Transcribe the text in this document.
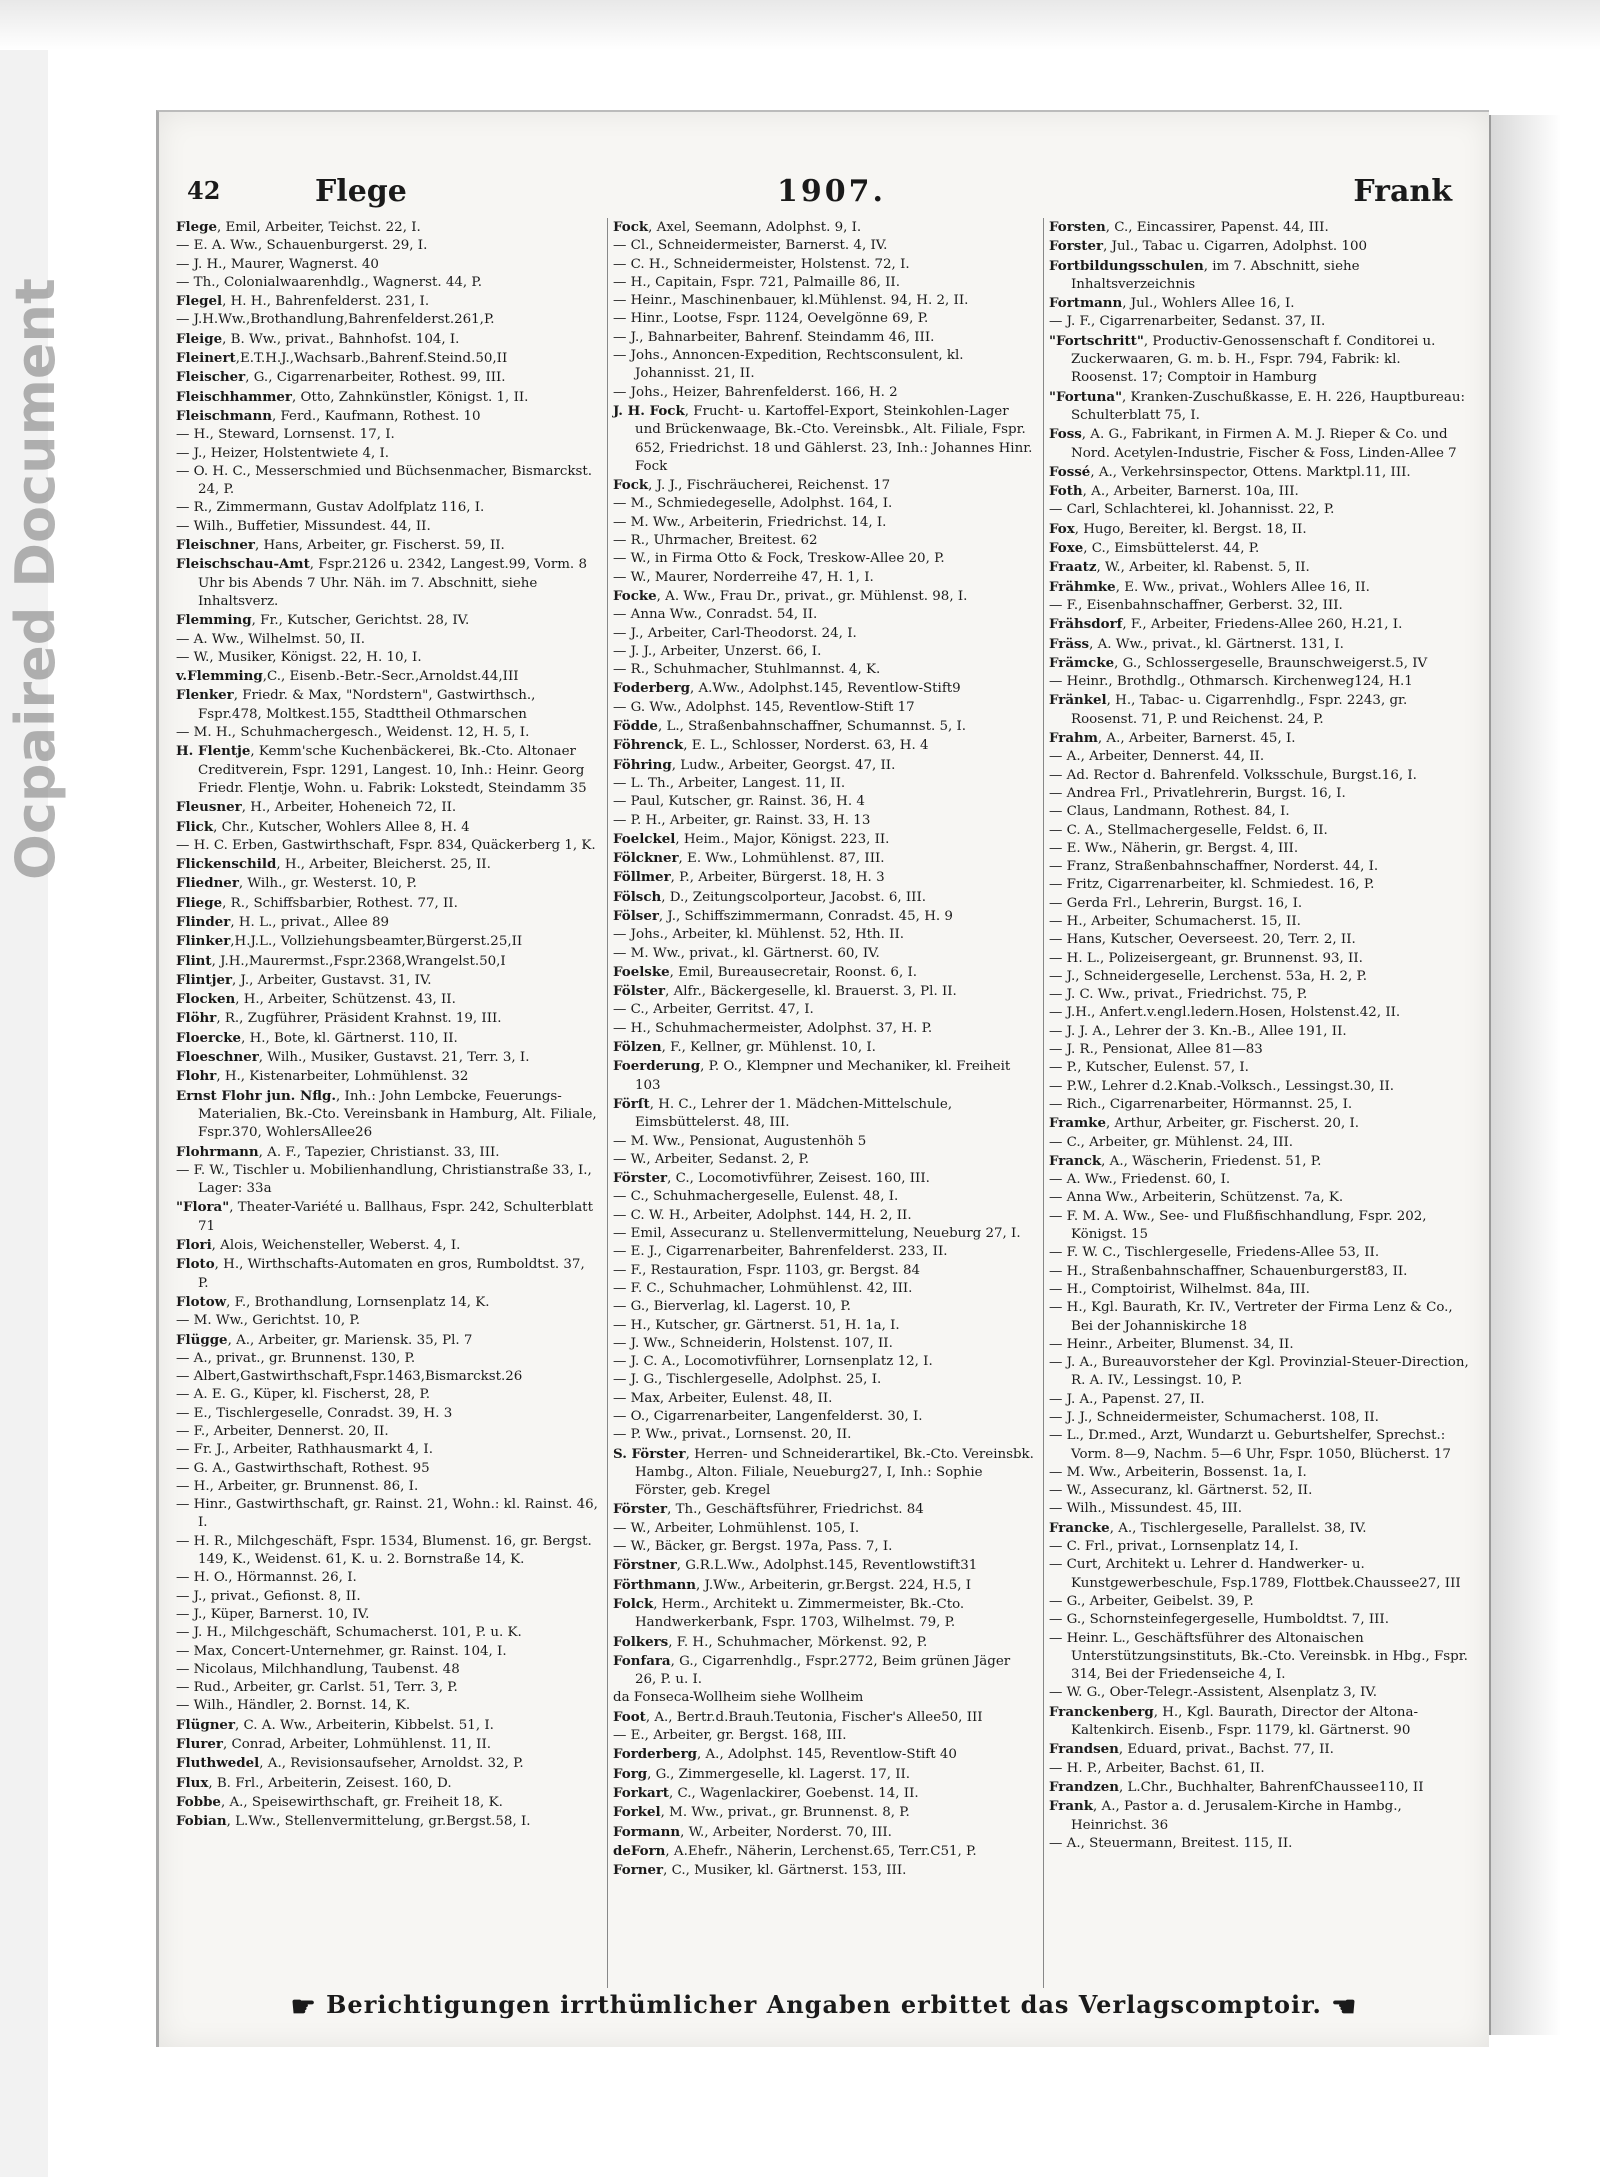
Ocpaired Document
42	Flege	1907.	Frank

Flege, Emil, Arbeiter, Teichst. 22, I.

— E. A. Ww., Schauenburgerst. 29, I.

— J. H., Maurer, Wagnerst. 40

— Th., Colonialwaarenhdlg., Wagnerst. 44, P.

Flegel, H. H., Bahrenfelderst. 231, I.

— J.H.Ww.,Brothandlung,Bahrenfelderst.261,P.

Fleige, B. Ww., privat., Bahnhofst. 104, I.

Fleinert,E.T.H.J.,Wachsarb.,Bahrenf.Steind.50,II

Fleischer, G., Cigarrenarbeiter, Rothest. 99, III.

Fleischhammer, Otto, Zahnkünstler, Königst. 1, II.

Fleischmann, Ferd., Kaufmann, Rothest. 10

— H., Steward, Lornsenst. 17, I.

— J., Heizer, Holstentwiete 4, I.

— O. H. C., Messerschmied und Büchsenmacher, Bismarckst. 24, P.

— R., Zimmermann, Gustav Adolfplatz 116, I.

— Wilh., Buffetier, Missundest. 44, II.

Fleischner, Hans, Arbeiter, gr. Fischerst. 59, II.

Fleischschau-Amt, Fspr.2126 u. 2342, Langest.99, Vorm. 8 Uhr bis Abends 7 Uhr. Näh. im 7. Abschnitt, siehe Inhaltsverz.

Flemming, Fr., Kutscher, Gerichtst. 28, IV.

— A. Ww., Wilhelmst. 50, II.

— W., Musiker, Königst. 22, H. 10, I.

v.Flemming,C., Eisenb.-Betr.-Secr.,Arnoldst.44,III

Flenker, Friedr. & Max, "Nordstern", Gastwirthsch., Fspr.478, Moltkest.155, Stadttheil Othmarschen

— M. H., Schuhmachergesch., Weidenst. 12, H. 5, I.

H. Flentje, Kemm'sche Kuchenbäckerei, Bk.-Cto. Altonaer Creditverein, Fspr. 1291, Langest. 10, Inh.: Heinr. Georg Friedr. Flentje, Wohn. u. Fabrik: Lokstedt, Steindamm 35

Fleusner, H., Arbeiter, Hoheneich 72, II.

Flick, Chr., Kutscher, Wohlers Allee 8, H. 4

— H. C. Erben, Gastwirthschaft, Fspr. 834, Quäckerberg 1, K.

Flickenschild, H., Arbeiter, Bleicherst. 25, II.

Fliedner, Wilh., gr. Westerst. 10, P.

Fliege, R., Schiffsbarbier, Rothest. 77, II.

Flinder, H. L., privat., Allee 89

Flinker,H.J.L., Vollziehungsbeamter,Bürgerst.25,II

Flint, J.H.,Maurermst.,Fspr.2368,Wrangelst.50,I

Flintjer, J., Arbeiter, Gustavst. 31, IV.

Flocken, H., Arbeiter, Schützenst. 43, II.

Flöhr, R., Zugführer, Präsident Krahnst. 19, III.

Floercke, H., Bote, kl. Gärtnerst. 110, II.

Floeschner, Wilh., Musiker, Gustavst. 21, Terr. 3, I.

Flohr, H., Kistenarbeiter, Lohmühlenst. 32

Ernst Flohr jun. Nflg., Inh.: John Lembcke, Feuerungs-Materialien, Bk.-Cto. Vereinsbank in Hamburg, Alt. Filiale, Fspr.370, WohlersAllee26

Flohrmann, A. F., Tapezier, Christianst. 33, III.

— F. W., Tischler u. Mobilienhandlung, Christianstraße 33, I., Lager: 33a

"Flora", Theater-Variété u. Ballhaus, Fspr. 242, Schulterblatt 71

Flori, Alois, Weichensteller, Weberst. 4, I.

Floto, H., Wirthschafts-Automaten en gros, Rumboldtst. 37, P.

Flotow, F., Brothandlung, Lornsenplatz 14, K.

— M. Ww., Gerichtst. 10, P.

Flügge, A., Arbeiter, gr. Mariensk. 35, Pl. 7

— A., privat., gr. Brunnenst. 130, P.

— Albert,Gastwirthschaft,Fspr.1463,Bismarckst.26

— A. E. G., Küper, kl. Fischerst, 28, P.

— E., Tischlergeselle, Conradst. 39, H. 3

— F., Arbeiter, Dennerst. 20, II.

— Fr. J., Arbeiter, Rathhausmarkt 4, I.

— G. A., Gastwirthschaft, Rothest. 95

— H., Arbeiter, gr. Brunnenst. 86, I.

— Hinr., Gastwirthschaft, gr. Rainst. 21, Wohn.: kl. Rainst. 46, I.

— H. R., Milchgeschäft, Fspr. 1534, Blumenst. 16, gr. Bergst. 149, K., Weidenst. 61, K. u. 2. Bornstraße 14, K.

— H. O., Hörmannst. 26, I.

— J., privat., Gefionst. 8, II.

— J., Küper, Barnerst. 10, IV.

— J. H., Milchgeschäft, Schumacherst. 101, P. u. K.

— Max, Concert-Unternehmer, gr. Rainst. 104, I.

— Nicolaus, Milchhandlung, Taubenst. 48

— Rud., Arbeiter, gr. Carlst. 51, Terr. 3, P.

— Wilh., Händler, 2. Bornst. 14, K.

Flügner, C. A. Ww., Arbeiterin, Kibbelst. 51, I.

Flurer, Conrad, Arbeiter, Lohmühlenst. 11, II.

Fluthwedel, A., Revisionsaufseher, Arnoldst. 32, P.

Flux, B. Frl., Arbeiterin, Zeisest. 160, D.

Fobbe, A., Speisewirthschaft, gr. Freiheit 18, K.

Fobian, L.Ww., Stellenvermittelung, gr.Bergst.58, I.

Fock, Axel, Seemann, Adolphst. 9, I.

— Cl., Schneidermeister, Barnerst. 4, IV.

— C. H., Schneidermeister, Holstenst. 72, I.

— H., Capitain, Fspr. 721, Palmaille 86, II.

— Heinr., Maschinenbauer, kl.Mühlenst. 94, H. 2, II.

— Hinr., Lootse, Fspr. 1124, Oevelgönne 69, P.

— J., Bahnarbeiter, Bahrenf. Steindamm 46, III.

— Johs., Annoncen-Expedition, Rechtsconsulent, kl. Johannisst. 21, II.

— Johs., Heizer, Bahrenfelderst. 166, H. 2

J. H. Fock, Frucht- u. Kartoffel-Export, Steinkohlen-Lager und Brückenwaage, Bk.-Cto. Vereinsbk., Alt. Filiale, Fspr. 652, Friedrichst. 18 und Gählerst. 23, Inh.: Johannes Hinr. Fock

Fock, J. J., Fischräucherei, Reichenst. 17

— M., Schmiedegeselle, Adolphst. 164, I.

— M. Ww., Arbeiterin, Friedrichst. 14, I.

— R., Uhrmacher, Breitest. 62

— W., in Firma Otto & Fock, Treskow-Allee 20, P.

— W., Maurer, Norderreihe 47, H. 1, I.

Focke, A. Ww., Frau Dr., privat., gr. Mühlenst. 98, I.

— Anna Ww., Conradst. 54, II.

— J., Arbeiter, Carl-Theodorst. 24, I.

— J. J., Arbeiter, Unzerst. 66, I.

— R., Schuhmacher, Stuhlmannst. 4, K.

Foderberg, A.Ww., Adolphst.145, Reventlow-Stift9

— G. Ww., Adolphst. 145, Reventlow-Stift 17

Födde, L., Straßenbahnschaffner, Schumannst. 5, I.

Föhrenck, E. L., Schlosser, Norderst. 63, H. 4

Föhring, Ludw., Arbeiter, Georgst. 47, II.

— L. Th., Arbeiter, Langest. 11, II.

— Paul, Kutscher, gr. Rainst. 36, H. 4

— P. H., Arbeiter, gr. Rainst. 33, H. 13

Foelckel, Heim., Major, Königst. 223, II.

Fölckner, E. Ww., Lohmühlenst. 87, III.

Föllmer, P., Arbeiter, Bürgerst. 18, H. 3

Fölsch, D., Zeitungscolporteur, Jacobst. 6, III.

Fölser, J., Schiffszimmermann, Conradst. 45, H. 9

— Johs., Arbeiter, kl. Mühlenst. 52, Hth. II.

— M. Ww., privat., kl. Gärtnerst. 60, IV.

Foelske, Emil, Bureausecretair, Roonst. 6, I.

Fölster, Alfr., Bäckergeselle, kl. Brauerst. 3, Pl. II.

— C., Arbeiter, Gerritst. 47, I.

— H., Schuhmachermeister, Adolphst. 37, H. P.

Fölzen, F., Kellner, gr. Mühlenst. 10, I.

Foerderung, P. O., Klempner und Mechaniker, kl. Freiheit 103

Förſt, H. C., Lehrer der 1. Mädchen-Mittelschule, Eimsbüttelerst. 48, III.

— M. Ww., Pensionat, Augustenhöh 5

— W., Arbeiter, Sedanst. 2, P.

Förster, C., Locomotivführer, Zeisest. 160, III.

— C., Schuhmachergeselle, Eulenst. 48, I.

— C. W. H., Arbeiter, Adolphst. 144, H. 2, II.

— Emil, Assecuranz u. Stellenvermittelung, Neueburg 27, I.

— E. J., Cigarrenarbeiter, Bahrenfelderst. 233, II.

— F., Restauration, Fspr. 1103, gr. Bergst. 84

— F. C., Schuhmacher, Lohmühlenst. 42, III.

— G., Bierverlag, kl. Lagerst. 10, P.

— H., Kutscher, gr. Gärtnerst. 51, H. 1a, I.

— J. Ww., Schneiderin, Holstenst. 107, II.

— J. C. A., Locomotivführer, Lornsenplatz 12, I.

— J. G., Tischlergeselle, Adolphst. 25, I.

— Max, Arbeiter, Eulenst. 48, II.

— O., Cigarrenarbeiter, Langenfelderst. 30, I.

— P. Ww., privat., Lornsenst. 20, II.

S. Förster, Herren- und Schneiderartikel, Bk.-Cto. Vereinsbk. Hambg., Alton. Filiale, Neueburg27, I, Inh.: Sophie Förster, geb. Kregel

Förster, Th., Geschäftsführer, Friedrichst. 84

— W., Arbeiter, Lohmühlenst. 105, I.

— W., Bäcker, gr. Bergst. 197a, Pass. 7, I.

Förstner, G.R.L.Ww., Adolphst.145, Reventlowstift31

Förthmann, J.Ww., Arbeiterin, gr.Bergst. 224, H.5, I

Folck, Herm., Architekt u. Zimmermeister, Bk.-Cto. Handwerkerbank, Fspr. 1703, Wilhelmst. 79, P.

Folkers, F. H., Schuhmacher, Mörkenst. 92, P.

Fonfara, G., Cigarrenhdlg., Fspr.2772, Beim grünen Jäger 26, P. u. I.

da Fonseca-Wollheim siehe Wollheim

Foot, A., Bertr.d.Brauh.Teutonia, Fischer's Allee50, III

— E., Arbeiter, gr. Bergst. 168, III.

Forderberg, A., Adolphst. 145, Reventlow-Stift 40

Forg, G., Zimmergeselle, kl. Lagerst. 17, II.

Forkart, C., Wagenlackirer, Goebenst. 14, II.

Forkel, M. Ww., privat., gr. Brunnenst. 8, P.

Formann, W., Arbeiter, Norderst. 70, III.

deForn, A.Ehefr., Näherin, Lerchenst.65, Terr.C51, P.

Forner, C., Musiker, kl. Gärtnerst. 153, III.

Forsten, C., Eincassirer, Papenst. 44, III.

Forster, Jul., Tabac u. Cigarren, Adolphst. 100

Fortbildungsschulen, im 7. Abschnitt, siehe Inhaltsverzeichnis

Fortmann, Jul., Wohlers Allee 16, I.

— J. F., Cigarrenarbeiter, Sedanst. 37, II.

"Fortschritt", Productiv-Genossenschaft f. Conditorei u. Zuckerwaaren, G. m. b. H., Fspr. 794, Fabrik: kl. Roosenst. 17; Comptoir in Hamburg

"Fortuna", Kranken-Zuschußkasse, E. H. 226, Hauptbureau: Schulterblatt 75, I.

Foss, A. G., Fabrikant, in Firmen A. M. J. Rieper & Co. und Nord. Acetylen-Industrie, Fischer & Foss, Linden-Allee 7

Fossé, A., Verkehrsinspector, Ottens. Marktpl.11, III.

Foth, A., Arbeiter, Barnerst. 10a, III.

— Carl, Schlachterei, kl. Johannisst. 22, P.

Fox, Hugo, Bereiter, kl. Bergst. 18, II.

Foxe, C., Eimsbüttelerst. 44, P.

Fraatz, W., Arbeiter, kl. Rabenst. 5, II.

Frähmke, E. Ww., privat., Wohlers Allee 16, II.

— F., Eisenbahnschaffner, Gerberst. 32, III.

Frähsdorf, F., Arbeiter, Friedens-Allee 260, H.21, I.

Fräss, A. Ww., privat., kl. Gärtnerst. 131, I.

Främcke, G., Schlossergeselle, Braunschweigerst.5, IV

— Heinr., Brothdlg., Othmarsch. Kirchenweg124, H.1

Fränkel, H., Tabac- u. Cigarrenhdlg., Fspr. 2243, gr. Roosenst. 71, P. und Reichenst. 24, P.

Frahm, A., Arbeiter, Barnerst. 45, I.

— A., Arbeiter, Dennerst. 44, II.

— Ad. Rector d. Bahrenfeld. Volksschule, Burgst.16, I.

— Andrea Frl., Privatlehrerin, Burgst. 16, I.

— Claus, Landmann, Rothest. 84, I.

— C. A., Stellmachergeselle, Feldst. 6, II.

— E. Ww., Näherin, gr. Bergst. 4, III.

— Franz, Straßenbahnschaffner, Norderst. 44, I.

— Fritz, Cigarrenarbeiter, kl. Schmiedest. 16, P.

— Gerda Frl., Lehrerin, Burgst. 16, I.

— H., Arbeiter, Schumacherst. 15, II.

— Hans, Kutscher, Oeverseest. 20, Terr. 2, II.

— H. L., Polizeisergeant, gr. Brunnenst. 93, II.

— J., Schneidergeselle, Lerchenst. 53a, H. 2, P.

— J. C. Ww., privat., Friedrichst. 75, P.

— J.H., Anfert.v.engl.ledern.Hosen, Holstenst.42, II.

— J. J. A., Lehrer der 3. Kn.-B., Allee 191, II.

— J. R., Pensionat, Allee 81—83

— P., Kutscher, Eulenst. 57, I.

— P.W., Lehrer d.2.Knab.-Volksch., Lessingst.30, II.

— Rich., Cigarrenarbeiter, Hörmannst. 25, I.

Framke, Arthur, Arbeiter, gr. Fischerst. 20, I.

— C., Arbeiter, gr. Mühlenst. 24, III.

Franck, A., Wäscherin, Friedenst. 51, P.

— A. Ww., Friedenst. 60, I.

— Anna Ww., Arbeiterin, Schützenst. 7a, K.

— F. M. A. Ww., See- und Flußfischhandlung, Fspr. 202, Königst. 15

— F. W. C., Tischlergeselle, Friedens-Allee 53, II.

— H., Straßenbahnschaffner, Schauenburgerst83, II.

— H., Comptoirist, Wilhelmst. 84a, III.

— H., Kgl. Baurath, Kr. IV., Vertreter der Firma Lenz & Co., Bei der Johanniskirche 18

— Heinr., Arbeiter, Blumenst. 34, II.

— J. A., Bureauvorsteher der Kgl. Provinzial-Steuer-Direction, R. A. IV., Lessingst. 10, P.

— J. A., Papenst. 27, II.

— J. J., Schneidermeister, Schumacherst. 108, II.

— L., Dr.med., Arzt, Wundarzt u. Geburtshelfer, Sprechst.: Vorm. 8—9, Nachm. 5—6 Uhr, Fspr. 1050, Blücherst. 17

— M. Ww., Arbeiterin, Bossenst. 1a, I.

— W., Assecuranz, kl. Gärtnerst. 52, II.

— Wilh., Missundest. 45, III.

Francke, A., Tischlergeselle, Parallelst. 38, IV.

— C. Frl., privat., Lornsenplatz 14, I.

— Curt, Architekt u. Lehrer d. Handwerker- u. Kunstgewerbeschule, Fsp.1789, Flottbek.Chaussee27, III

— G., Arbeiter, Geibelst. 39, P.

— G., Schornsteinfegergeselle, Humboldtst. 7, III.

— Heinr. L., Geschäftsführer des Altonaischen Unterstützungsinstituts, Bk.-Cto. Vereinsbk. in Hbg., Fspr. 314, Bei der Friedenseiche 4, I.

— W. G., Ober-Telegr.-Assistent, Alsenplatz 3, IV.

Franckenberg, H., Kgl. Baurath, Director der Altona-Kaltenkirch. Eisenb., Fspr. 1179, kl. Gärtnerst. 90

Frandsen, Eduard, privat., Bachst. 77, II.

— H. P., Arbeiter, Bachst. 61, II.

Frandzen, L.Chr., Buchhalter, BahrenfChaussee110, II

Frank, A., Pastor a. d. Jerusalem-Kirche in Hambg., Heinrichst. 36

— A., Steuermann, Breitest. 115, II.

☛ Berichtigungen irrthümlicher Angaben erbittet das Verlagscomptoir. ☚
